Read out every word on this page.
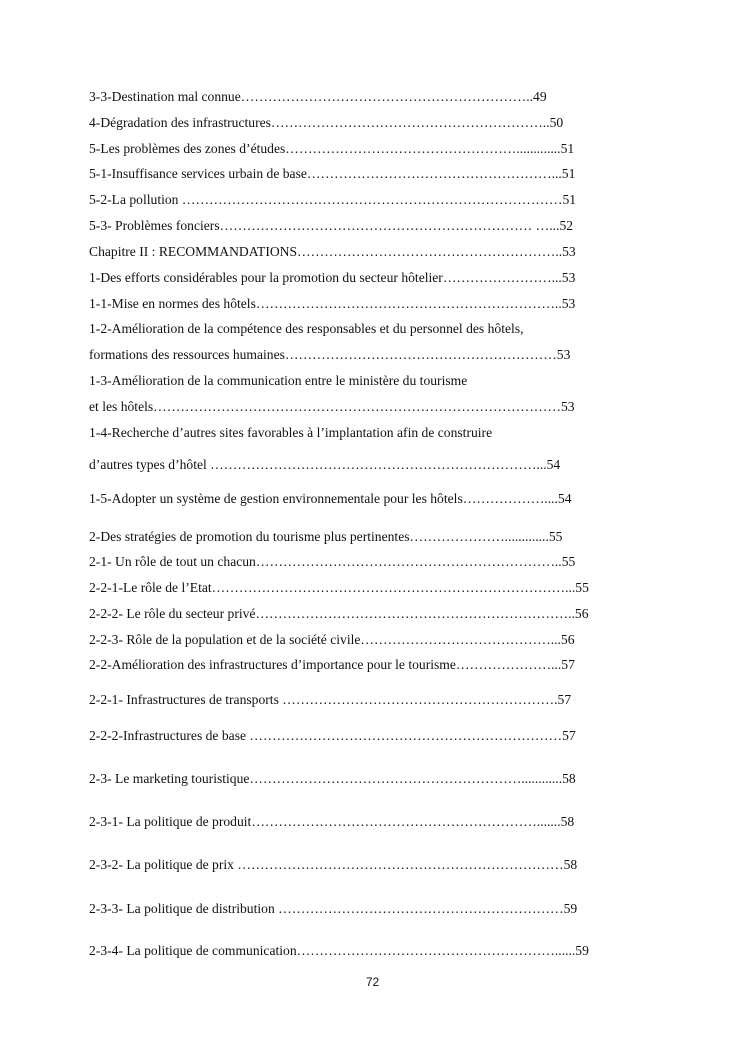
3-3-Destination mal connue………………………………………………………..49
4-Dégradation des infrastructures……………………………………………………..50
5-Les problèmes des zones d’études…………………………………………….............51
5-1-Insuffisance services urbain de base………………………………………………...51
5-2-La pollution …………………………………………………………………………51
5-3- Problèmes fonciers…………………………………………………………… …...52
Chapitre II : RECOMMANDATIONS…………………………………………………..53
1-Des efforts considérables pour la promotion du secteur hôtelier……………………...53
1-1-Mise en normes des hôtels…………………………………………………………..53
1-2-Amélioration de la compétence des responsables et du personnel des hôtels,
formations des ressources humaines……………………………………………………53
1-3-Amélioration de la communication entre le ministère du tourisme
et les hôtels………………………………………………………………………………53
1-4-Recherche d’autres sites favorables à l’implantation afin de construire
d’autres types d’hôtel ………………………………………………………………...54
1-5-Adopter un système de gestion environnementale pour les hôtels………………....54
2-Des stratégies de promotion du tourisme plus pertinentes………………….............55
2-1- Un rôle de tout un chacun…………………………………………………………..55
2-2-1-Le rôle de l’Etat……………………………………………………………………...55
2-2-2- Le rôle du secteur privé……………………………………………………………..56
2-2-3- Rôle de la population et de la société civile……………………………………...56
2-2-Amélioration des infrastructures d’importance pour le tourisme…………………...57
2-2-1- Infrastructures de transports …………………………………………………….57
2-2-2-Infrastructures de base ……………………………………………………………57
2-3- Le marketing touristique……………………………………………………............58
2-3-1- La politique de produit……………………………………………………….......58
2-3-2- La politique de prix ………………………………………………………………58
2-3-3- La politique de distribution ………………………………………………………59
2-3-4- La politique de communication…………………………………………………......59
72
